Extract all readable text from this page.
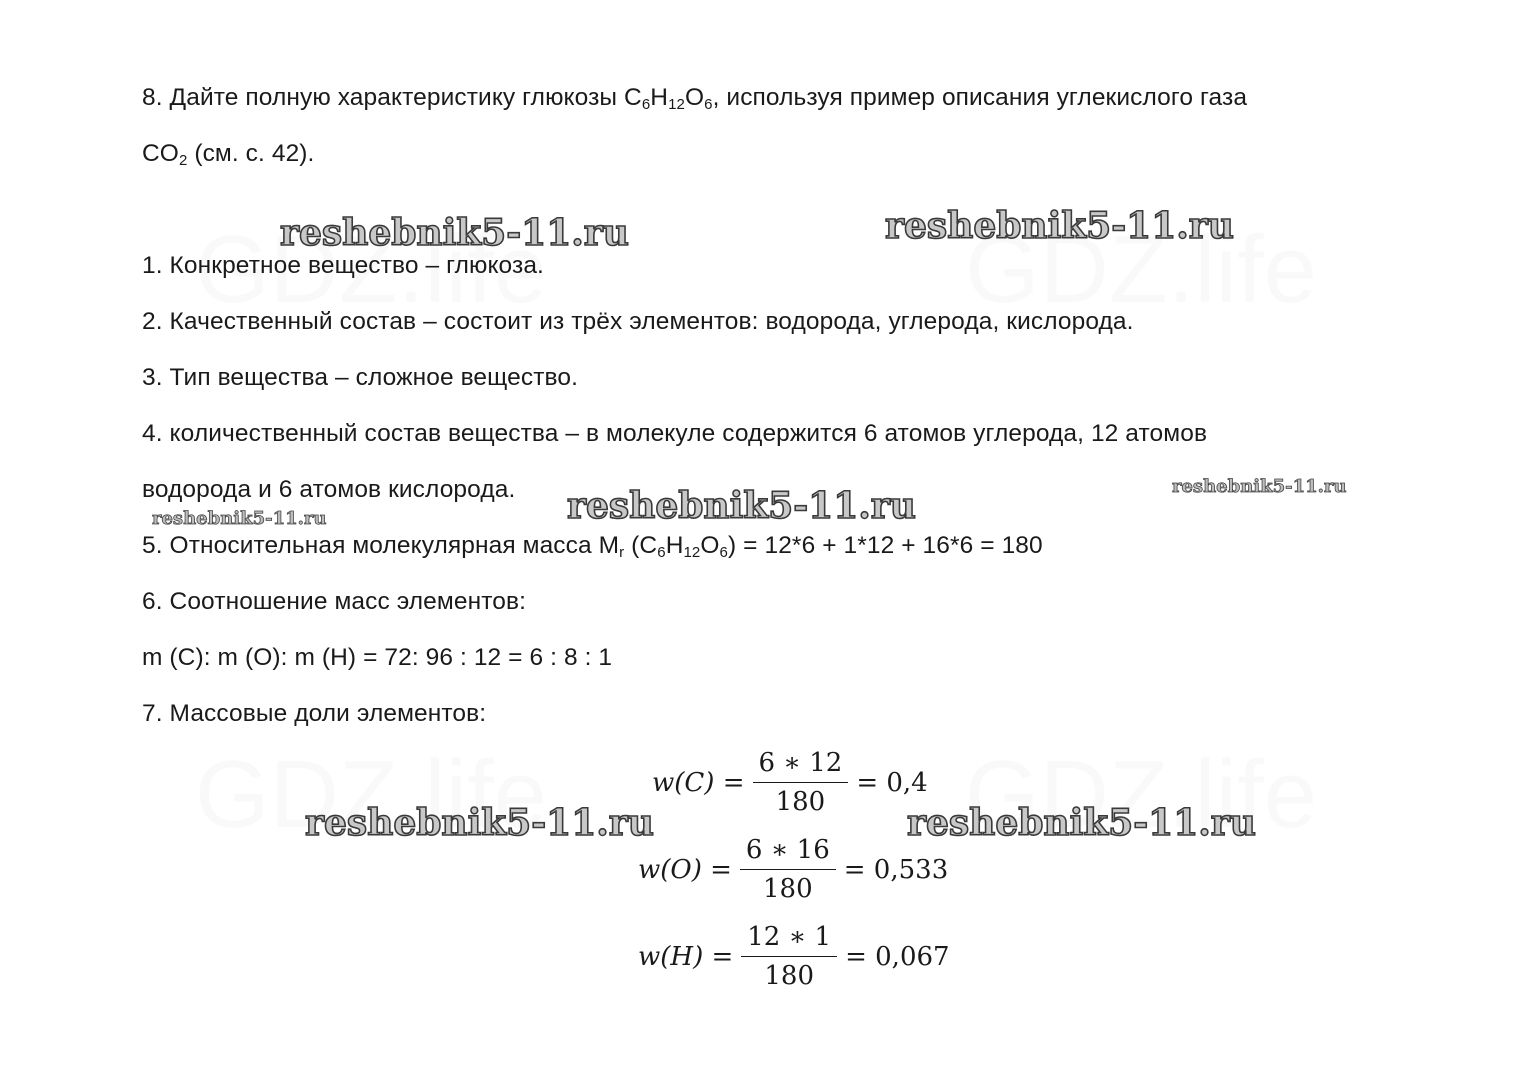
8. Дайте полную характеристику глюкозы $C_6H_{12}O_6$, используя пример описания углекислого газа
$CO_2$ (см. с. 42).
1. Конкретное вещество – глюкоза.
2. Качественный состав – состоит из трёх элементов: водорода, углерода, кислорода.
3. Тип вещества – сложное вещество.
4. количественный состав вещества – в молекуле содержится 6 атомов углерода, 12 атомов
водорода и 6 атомов кислорода.
5. Относительная молекулярная масса $M_r$ $(C_6H_{12}O_6) = 12*6 + 1*12 + 16*6 = 180$
6. Соотношение масс элементов:
m (C): m (O): m (H) = 72: 96 : 12 = 6 : 8 : 1
7. Массовые доли элементов:
$w(C) = \frac{6 ∗ 12}{180} = 0,4$
$w(O) = \frac{6 ∗ 16}{180} = 0,533$
$w(H) = \frac{12 ∗ 1}{180} = 0,067$
reshebnik5-11.ru	reshebnik5-11.ru
reshebnik5-11.ru
reshebnik5-11.ru
reshebnik5-11.ru
reshebnik5-11.ru	reshebnik5-11.ru
